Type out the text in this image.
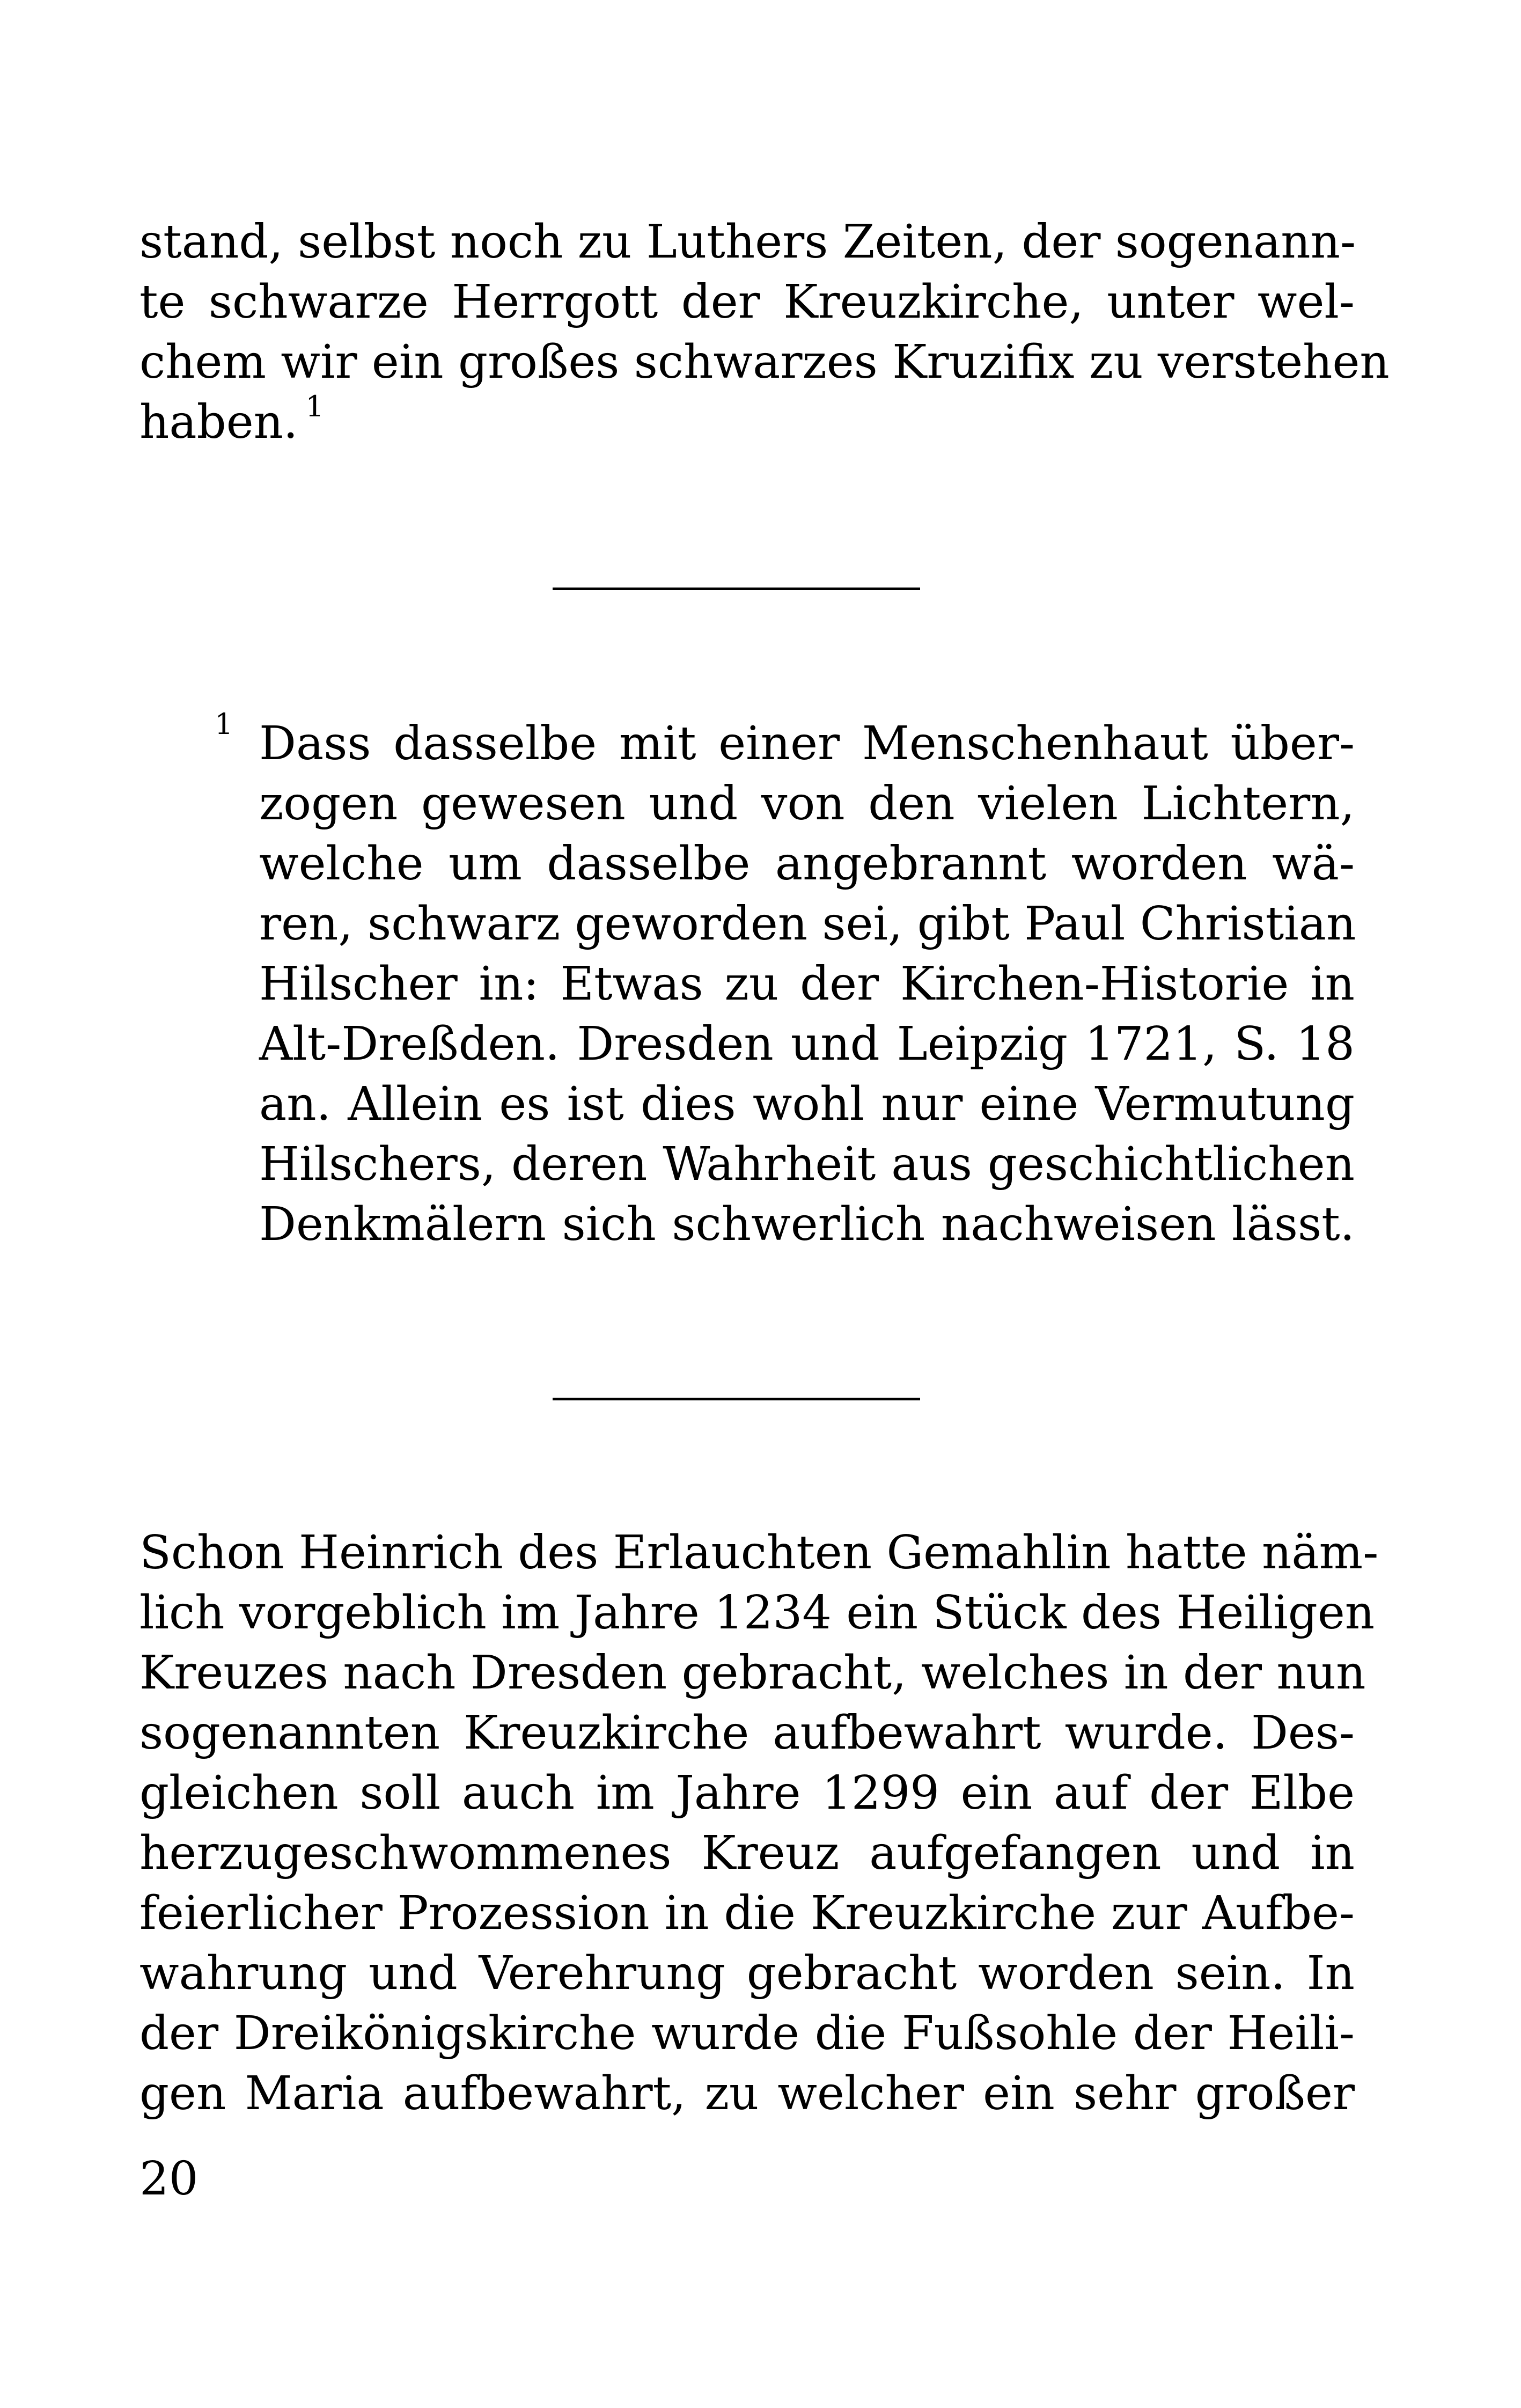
stand, selbst noch zu Luthers Zeiten, der sogenann-
te schwarze Herrgott der Kreuzkirche, unter wel-
chem wir ein großes schwarzes Kruzifix zu verstehen
haben. $^1$
1 Dass dasselbe mit einer Menschenhaut über-
zogen gewesen und von den vielen Lichtern,
welche um dasselbe angebrannt worden wä-
ren, schwarz geworden sei, gibt Paul Christian
Hilscher in: Etwas zu der Kirchen-Historie in
Alt-Dreßden. Dresden und Leipzig 1721, S. 18
an. Allein es ist dies wohl nur eine Vermutung
Hilschers, deren Wahrheit aus geschichtlichen
Denkmälern sich schwerlich nachweisen lässt.
Schon Heinrich des Erlauchten Gemahlin hatte näm-
lich vorgeblich im Jahre 1234 ein Stück des Heiligen
Kreuzes nach Dresden gebracht, welches in der nun
sogenannten Kreuzkirche aufbewahrt wurde. Des-
gleichen soll auch im Jahre 1299 ein auf der Elbe
herzugeschwommenes Kreuz aufgefangen und in
feierlicher Prozession in die Kreuzkirche zur Aufbe-
wahrung und Verehrung gebracht worden sein. In
der Dreikönigskirche wurde die Fußsohle der Heili-
gen Maria aufbewahrt, zu welcher ein sehr großer
20
